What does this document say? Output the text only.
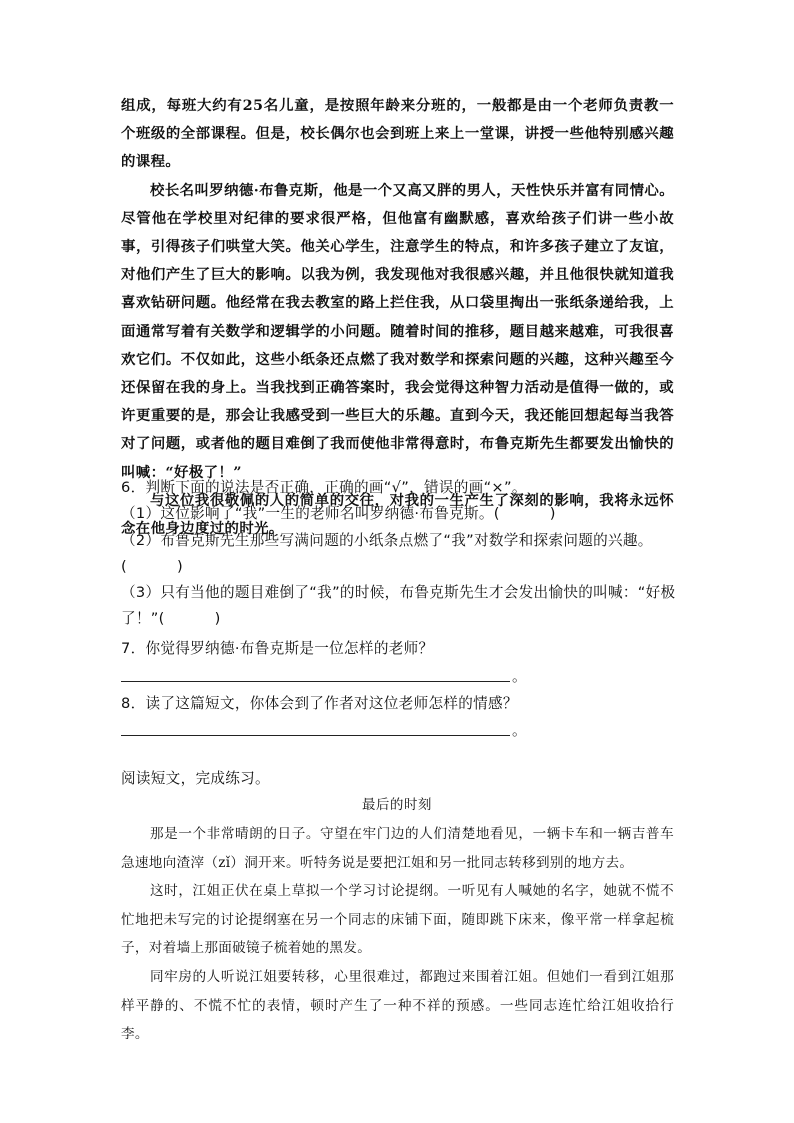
组成，每班大约有25名儿童，是按照年龄来分班的，一般都是由一个老师负责教一个班级的全部课程。但是，校长偶尔也会到班上来上一堂课，讲授一些他特别感兴趣的课程。

校长名叫罗纳德·布鲁克斯，他是一个又高又胖的男人，天性快乐并富有同情心。尽管他在学校里对纪律的要求很严格，但他富有幽默感，喜欢给孩子们讲一些小故事，引得孩子们哄堂大笑。他关心学生，注意学生的特点，和许多孩子建立了友谊，对他们产生了巨大的影响。以我为例，我发现他对我很感兴趣，并且他很快就知道我喜欢钻研问题。他经常在我去教室的路上拦住我，从口袋里掏出一张纸条递给我，上面通常写着有关数学和逻辑学的小问题。随着时间的推移，题目越来越难，可我很喜欢它们。不仅如此，这些小纸条还点燃了我对数学和探索问题的兴趣，这种兴趣至今还保留在我的身上。当我找到正确答案时，我会觉得这种智力活动是值得一做的，或许更重要的是，那会让我感受到一些巨大的乐趣。直到今天，我还能回想起每当我答对了问题，或者他的题目难倒了我而使他非常得意时，布鲁克斯先生都要发出愉快的叫喊：“好极了！”

与这位我很敬佩的人的简单的交往，对我的一生产生了深刻的影响，我将永远怀念在他身边度过的时光。

6．判断下面的说法是否正确，正确的画“√”，错误的画“×”。
（1）这位影响了“我”一生的老师名叫罗纳德·布鲁克斯。(	)
（2）布鲁克斯先生那些写满问题的小纸条点燃了“我”对数学和探索问题的兴趣。
(	)
（3）只有当他的题目难倒了“我”的时候，布鲁克斯先生才会发出愉快的叫喊：“好极
了！”(	)
7．你觉得罗纳德·布鲁克斯是一位怎样的老师？
。
8．读了这篇短文，你体会到了作者对这位老师怎样的情感？
。
阅读短文，完成练习。
最后的时刻

那是一个非常晴朗的日子。守望在牢门边的人们清楚地看见，一辆卡车和一辆吉普车急速地向渣滓（zǐ）洞开来。听特务说是要把江姐和另一批同志转移到别的地方去。

这时，江姐正伏在桌上草拟一个学习讨论提纲。一听见有人喊她的名字，她就不慌不忙地把未写完的讨论提纲塞在另一个同志的床铺下面，随即跳下床来，像平常一样拿起梳子，对着墙上那面破镜子梳着她的黑发。

同牢房的人听说江姐要转移，心里很难过，都跑过来围着江姐。但她们一看到江姐那样平静的、不慌不忙的表情，顿时产生了一种不祥的预感。一些同志连忙给江姐收拾行李。
